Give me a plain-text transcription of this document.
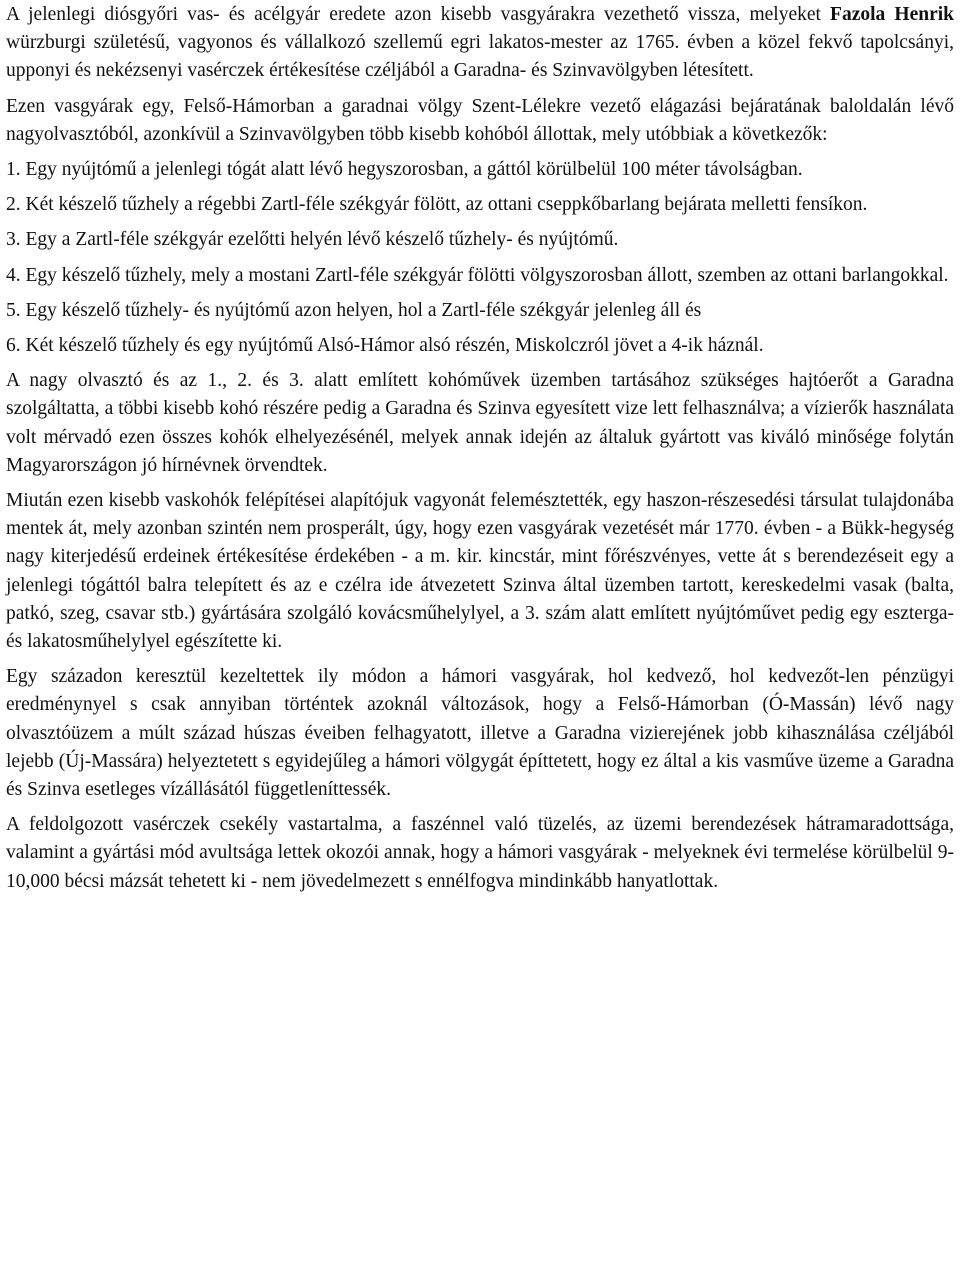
A jelenlegi diósgyőri vas- és acélgyár eredete azon kisebb vasgyárakra vezethető vissza, melyeket Fazola Henrik würzburgi születésű, vagyonos és vállalkozó szellemű egri lakatos-mester az 1765. évben a közel fekvő tapolcsányi, upponyi és nekézsenyi vasérczek értékesítése czéljából a Garadna- és Szinvavölgyben létesített.

Ezen vasgyárak egy, Felső-Hámorban a garadnai völgy Szent-Lélekre vezető elágazási bejáratának baloldalán lévő nagyolvasztóból, azonkívül a Szinvavölgyben több kisebb kohóból állottak, mely utóbbiak a következők:

1. Egy nyújtómű a jelenlegi tógát alatt lévő hegyszorosban, a gáttól körülbelül 100 méter távolságban.

2. Két készelő tűzhely a régebbi Zartl-féle székgyár fölött, az ottani cseppkőbarlang bejárata melletti fensíkon.

3. Egy a Zartl-féle székgyár ezelőtti helyén lévő készelő tűzhely- és nyújtómű.

4. Egy készelő tűzhely, mely a mostani Zartl-féle székgyár fölötti völgyszorosban állott, szemben az ottani barlangokkal.

5. Egy készelő tűzhely- és nyújtómű azon helyen, hol a Zartl-féle székgyár jelenleg áll és

6. Két készelő tűzhely és egy nyújtómű Alsó-Hámor alsó részén, Miskolczról jövet a 4-ik háznál.

A nagy olvasztó és az 1., 2. és 3. alatt említett kohóművek üzemben tartásához szükséges hajtóerőt a Garadna szolgáltatta, a többi kisebb kohó részére pedig a Garadna és Szinva egyesített vize lett felhasználva; a vízierők használata volt mérvadó ezen összes kohók elhelyezésénél, melyek annak idején az általuk gyártott vas kiváló minősége folytán Magyarországon jó hírnévnek örvendtek.

Miután ezen kisebb vaskohók felépítései alapítójuk vagyonát felemésztették, egy haszon-részesedési társulat tulajdonába mentek át, mely azonban szintén nem prosperált, úgy, hogy ezen vasgyárak vezetését már 1770. évben - a Bükk-hegység nagy kiterjedésű erdeinek értékesítése érdekében - a m. kir. kincstár, mint főrészvényes, vette át s berendezéseit egy a jelenlegi tógáttól balra telepített és az e czélra ide átvezetett Szinva által üzemben tartott, kereskedelmi vasak (balta, patkó, szeg, csavar stb.) gyártására szolgáló kovácsműhelylyel, a 3. szám alatt említett nyújtóművet pedig egy eszterga- és lakatosműhelylyel egészítette ki.

Egy századon keresztül kezeltettek ily módon a hámori vasgyárak, hol kedvező, hol kedvezőt-len pénzügyi eredménynyel s csak annyiban történtek azoknál változások, hogy a Felső-Hámorban (Ó-Massán) lévő nagy olvasztóüzem a múlt század húszas éveiben felhagyatott, illetve a Garadna vizierejének jobb kihasználása czéljából lejebb (Új-Massára) helyeztetett s egyidejűleg a hámori völgygát építtetett, hogy ez által a kis vasműve üzeme a Garadna és Szinva esetleges vízállásától függetleníttessék.

A feldolgozott vasérczek csekély vastartalma, a faszénnel való tüzelés, az üzemi berendezések hátramaradottsága, valamint a gyártási mód avultsága lettek okozói annak, hogy a hámori vasgyárak - melyeknek évi termelése körülbelül 9-10,000 bécsi mázsát tehetett ki - nem jövedelmezett s ennélfogva mindinkább hanyatlottak.
